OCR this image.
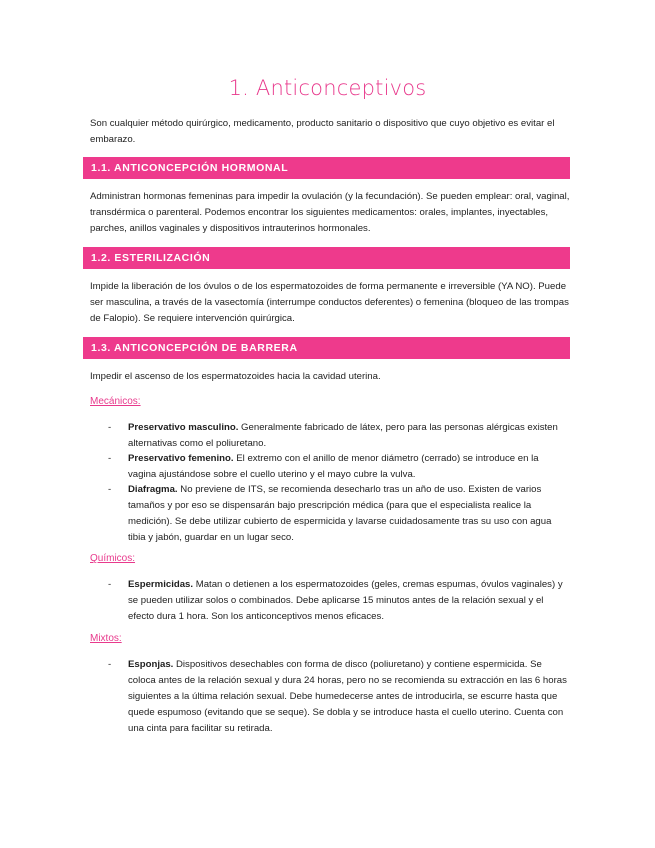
1. Anticonceptivos
Son cualquier método quirúrgico, medicamento, producto sanitario o dispositivo que cuyo objetivo es evitar el embarazo.
1.1. ANTICONCEPCIÓN HORMONAL
Administran hormonas femeninas para impedir la ovulación (y la fecundación). Se pueden emplear: oral, vaginal, transdérmica o parenteral. Podemos encontrar los siguientes medicamentos: orales, implantes, inyectables, parches, anillos vaginales y dispositivos intrauterinos hormonales.
1.2. ESTERILIZACIÓN
Impide la liberación de los óvulos o de los espermatozoides de forma permanente e irreversible (YA NO). Puede ser masculina, a través de la vasectomía (interrumpe conductos deferentes) o femenina (bloqueo de las trompas de Falopio). Se requiere intervención quirúrgica.
1.3. ANTICONCEPCIÓN DE BARRERA
Impedir el ascenso de los espermatozoides hacia la cavidad uterina.
Mecánicos:
- Preservativo masculino. Generalmente fabricado de látex, pero para las personas alérgicas existen alternativas como el poliuretano.
- Preservativo femenino. El extremo con el anillo de menor diámetro (cerrado) se introduce en la vagina ajustándose sobre el cuello uterino y el mayo cubre la vulva.
- Diafragma. No previene de ITS, se recomienda desecharlo tras un año de uso. Existen de varios tamaños y por eso se dispensarán bajo prescripción médica (para que el especialista realice la medición). Se debe utilizar cubierto de espermicida y lavarse cuidadosamente tras su uso con agua tibia y jabón, guardar en un lugar seco.
Químicos:
- Espermicidas. Matan o detienen a los espermatozoides (geles, cremas espumas, óvulos vaginales) y se pueden utilizar solos o combinados. Debe aplicarse 15 minutos antes de la relación sexual y el efecto dura 1 hora. Son los anticonceptivos menos eficaces.
Mixtos:
- Esponjas. Dispositivos desechables con forma de disco (poliuretano) y contiene espermicida. Se coloca antes de la relación sexual y dura 24 horas, pero no se recomienda su extracción en las 6 horas siguientes a la última relación sexual. Debe humedecerse antes de introducirla, se escurre hasta que quede espumoso (evitando que se seque). Se dobla y se introduce hasta el cuello uterino. Cuenta con una cinta para facilitar su retirada.
